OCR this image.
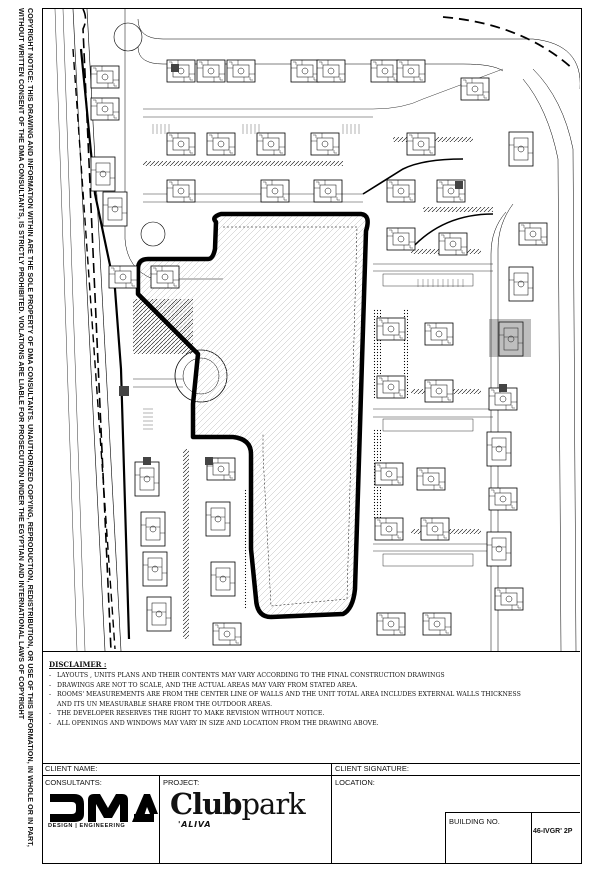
COPYRIGHT NOTICE: THIS DRAWING AND INFORMATION WITHIN ARE THE SOLE PROPERTY OF DMA CONSULTANTS. UNAUTHORIZED COPYING, REPRODUCTION, REDISTRIBUTION, OR USE OF THIS INFORMATION, IN WHOLE OR IN PART, WITHOUT WRITTEN CONSENT OF THE DMA CONSULTANTS, IS STRICTLY PROHIBITED. VIOLATIONS ARE LIABLE FOR PROSECUTION UNDER THE EGYPTIAN AND INTERNATIONAL LAWS OF COPYRIGHT	DISCLAIMER :
- LAYOUTS , UNITS PLANS AND THEIR CONTENTS MAY VARY ACCORDING TO THE FINAL CONSTRUCTION DRAWINGS
- DRAWINGS ARE NOT TO SCALE, AND THE ACTUAL AREAS MAY VARY FROM STATED AREA.
- ROOMS' MEASUREMENTS ARE FROM THE CENTER LINE OF WALLS AND THE UNIT TOTAL AREA INCLUDES EXTERNAL WALLS THICKNESS
AND ITS UN MEASURABLE SHARE FROM THE OUTDOOR AREAS.
- THE DEVELOPER RESERVES THE RIGHT TO MAKE REVISION WITHOUT NOTICE.
- ALL OPENINGS AND WINDOWS MAY VARY IN SIZE AND LOCATION FROM THE DRAWING ABOVE.
CLIENT NAME:	CLIENT SIGNATURE:
CONSULTANTS:	PROJECT:	LOCATION:
BUILDING NO.
DESIGN | ENGINEERING
Clubpark
'ALIVA
46-IVGR' 2P
